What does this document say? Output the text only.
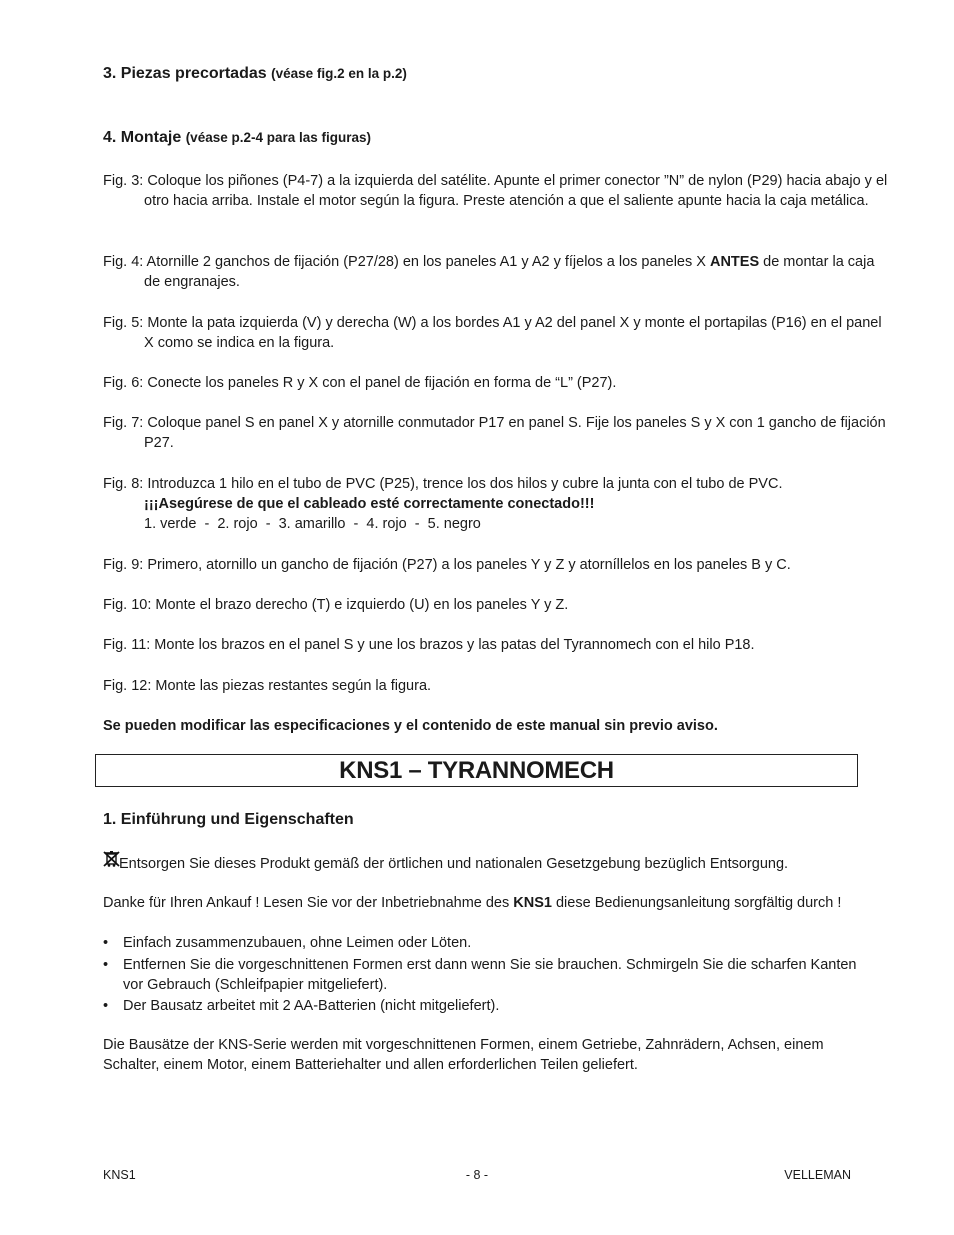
3. Piezas precortadas (véase fig.2 en la p.2)
4. Montaje (véase p.2-4 para las figuras)
Fig. 3: Coloque los piñones (P4-7) a la izquierda del satélite. Apunte el primer conector ”N” de nylon (P29) hacia abajo y el otro hacia arriba. Instale el motor según la figura. Preste atención a que el saliente apunte hacia la caja metálica.
Fig. 4: Atornille 2 ganchos de fijación (P27/28) en los paneles A1 y A2 y fíjelos a los paneles X ANTES de montar la caja de engranajes.
Fig. 5: Monte la pata izquierda (V) y derecha (W) a los bordes A1 y A2 del panel X y monte el portapilas (P16) en el panel X como se indica en la figura.
Fig. 6: Conecte los paneles R y X con el panel de fijación en forma de “L” (P27).
Fig. 7: Coloque panel S en panel X y atornille conmutador P17 en panel S. Fije los paneles S y X con 1 gancho de fijación P27.
Fig. 8: Introduzca 1 hilo en el tubo de PVC (P25), trence los dos hilos y cubre la junta con el tubo de PVC.
¡¡¡Asegúrese de que el cableado esté correctamente conectado!!!
1. verde  -  2. rojo  -  3. amarillo  -  4. rojo  -  5. negro
Fig. 9: Primero, atornillo un gancho de fijación (P27) a los paneles Y y Z y atorníllelos en los paneles B y C.
Fig. 10: Monte el brazo derecho (T) e izquierdo (U) en los paneles Y y Z.
Fig. 11: Monte los brazos en el panel S y une los brazos y las patas del Tyrannomech con el hilo P18.
Fig. 12: Monte las piezas restantes según la figura.
Se pueden modificar las especificaciones y el contenido de este manual sin previo aviso.
KNS1 – TYRANNOMECH
1. Einführung und Eigenschaften
Entsorgen Sie dieses Produkt gemäß der örtlichen und nationalen Gesetzgebung bezüglich Entsorgung.
Danke für Ihren Ankauf ! Lesen Sie vor der Inbetriebnahme des KNS1 diese Bedienungsanleitung sorgfältig durch !
• Einfach zusammenzubauen, ohne Leimen oder Löten.
• Entfernen Sie die vorgeschnittenen Formen erst dann wenn Sie sie brauchen. Schmirgeln Sie die scharfen Kanten vor Gebrauch (Schleifpapier mitgeliefert).
• Der Bausatz arbeitet mit 2 AA-Batterien (nicht mitgeliefert).
Die Bausätze der KNS-Serie werden mit vorgeschnittenen Formen, einem Getriebe, Zahnrädern, Achsen, einem Schalter, einem Motor, einem Batteriehalter und allen erforderlichen Teilen geliefert.
KNS1	- 8 -	VELLEMAN
